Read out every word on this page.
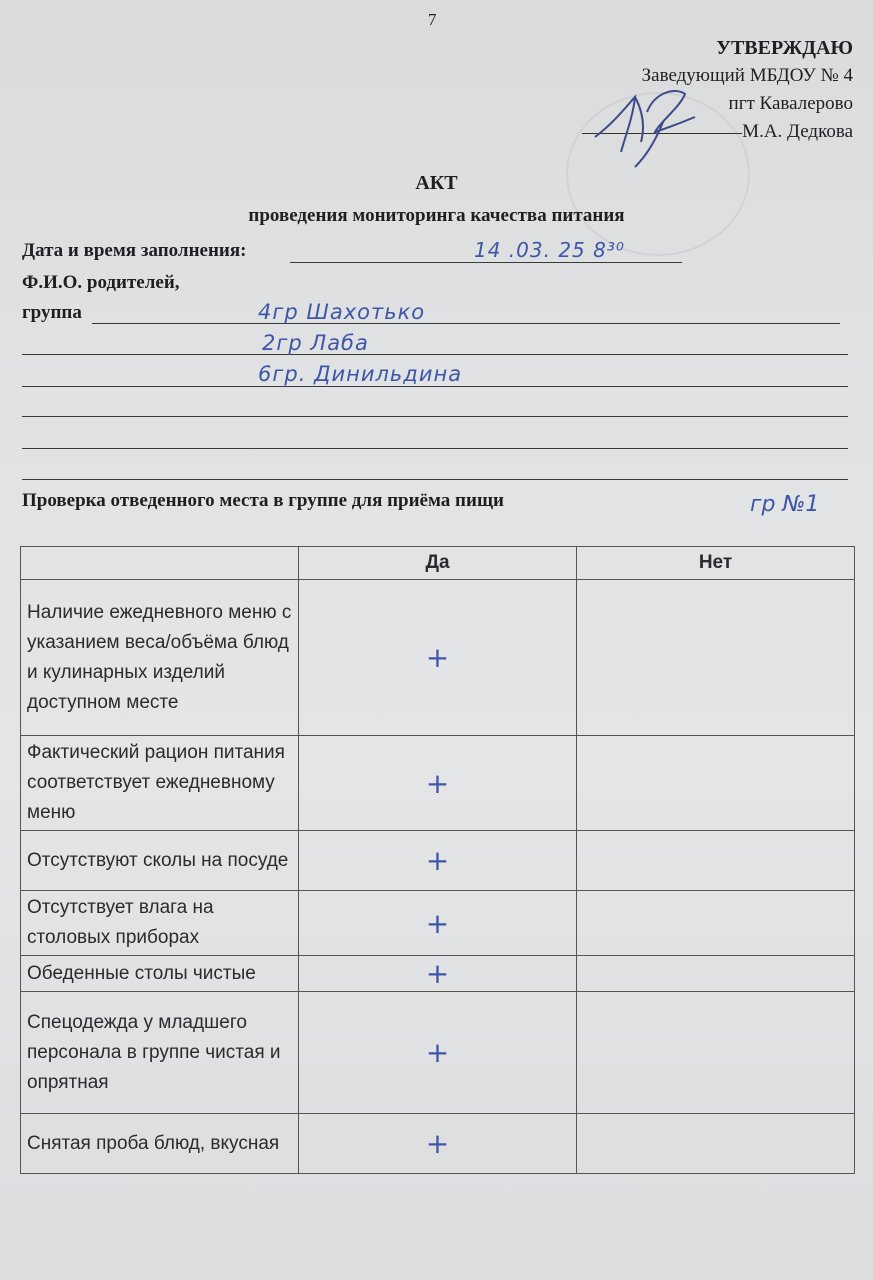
7
УТВЕРЖДАЮ
Заведующий МБДОУ № 4
пгт Кавалерово
М.А. Дедкова
АКТ
проведения мониторинга качества питания
Дата и время заполнения:	14 .03. 25 8³⁰
Ф.И.О. родителей,
группа	4гр Шахотько
2гр Лаба
6гр. Динильдина
Проверка отведенного места в группе для приёма пищи	гр №1
	Да	Нет
Наличие ежедневного меню с указанием веса/объёма блюд и кулинарных изделий доступном месте	+	
Фактический рацион питания соответствует ежедневному меню	+	
Отсутствуют сколы на посуде	+	
Отсутствует влага на столовых приборах	+	
Обеденные столы чистые	+	
Спецодежда у младшего персонала в группе чистая и опрятная	+	
Снятая проба блюд, вкусная	+	
